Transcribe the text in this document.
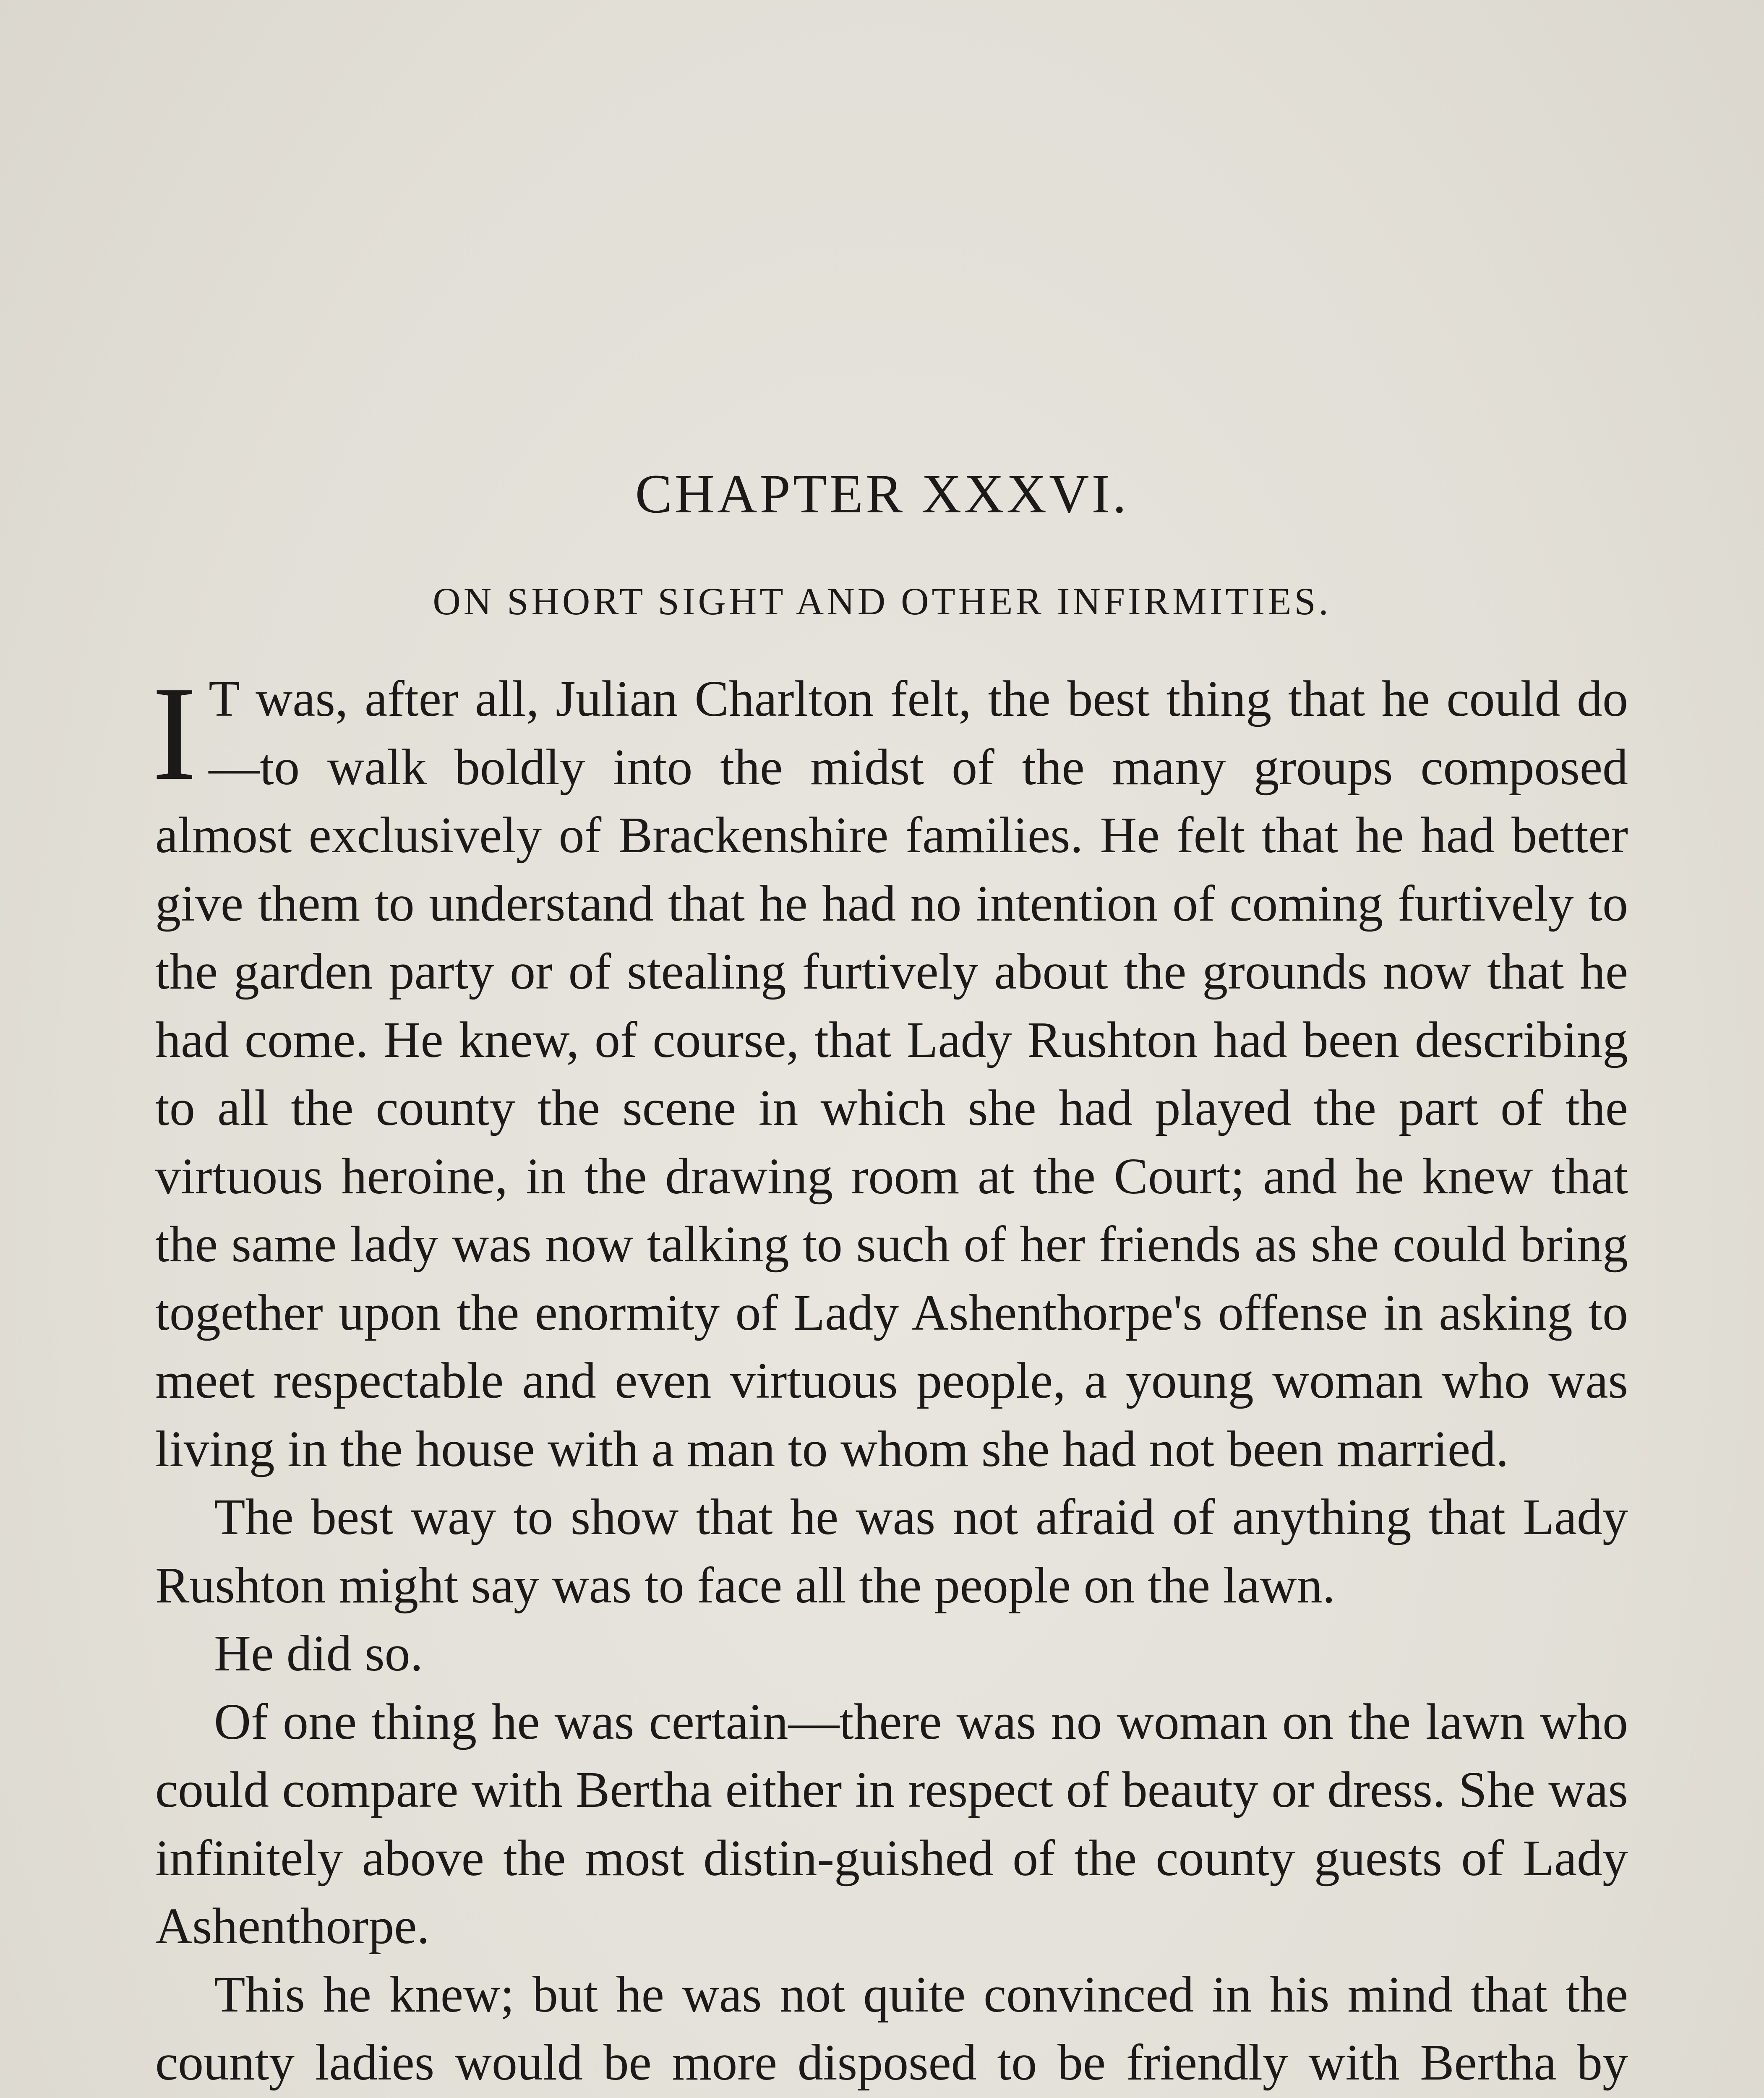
CHAPTER XXXVI.
ON SHORT SIGHT AND OTHER INFIRMITIES.

I T was, after all, Julian Charlton felt, the best thing that he could do—to walk boldly into the midst of the many groups composed almost exclusively of Brackenshire families. He felt that he had better give them to understand that he had no intention of coming furtively to the garden party or of stealing furtively about the grounds now that he had come. He knew, of course, that Lady Rushton had been describing to all the county the scene in which she had played the part of the virtuous heroine, in the drawing room at the Court; and he knew that the same lady was now talking to such of her friends as she could bring together upon the enormity of Lady Ashenthorpe's offense in asking to meet respectable and even virtuous people, a young woman who was living in the house with a man to whom she had not been married.

The best way to show that he was not afraid of anything that Lady Rushton might say was to face all the people on the lawn.

He did so.

Of one thing he was certain—there was no woman on the lawn who could compare with Bertha either in respect of beauty or dress. She was infinitely above the most distin-guished of the county guests of Lady Ashenthorpe.

This he knew; but he was not quite convinced in his mind that the county ladies would be more disposed to be friendly with Bertha by
